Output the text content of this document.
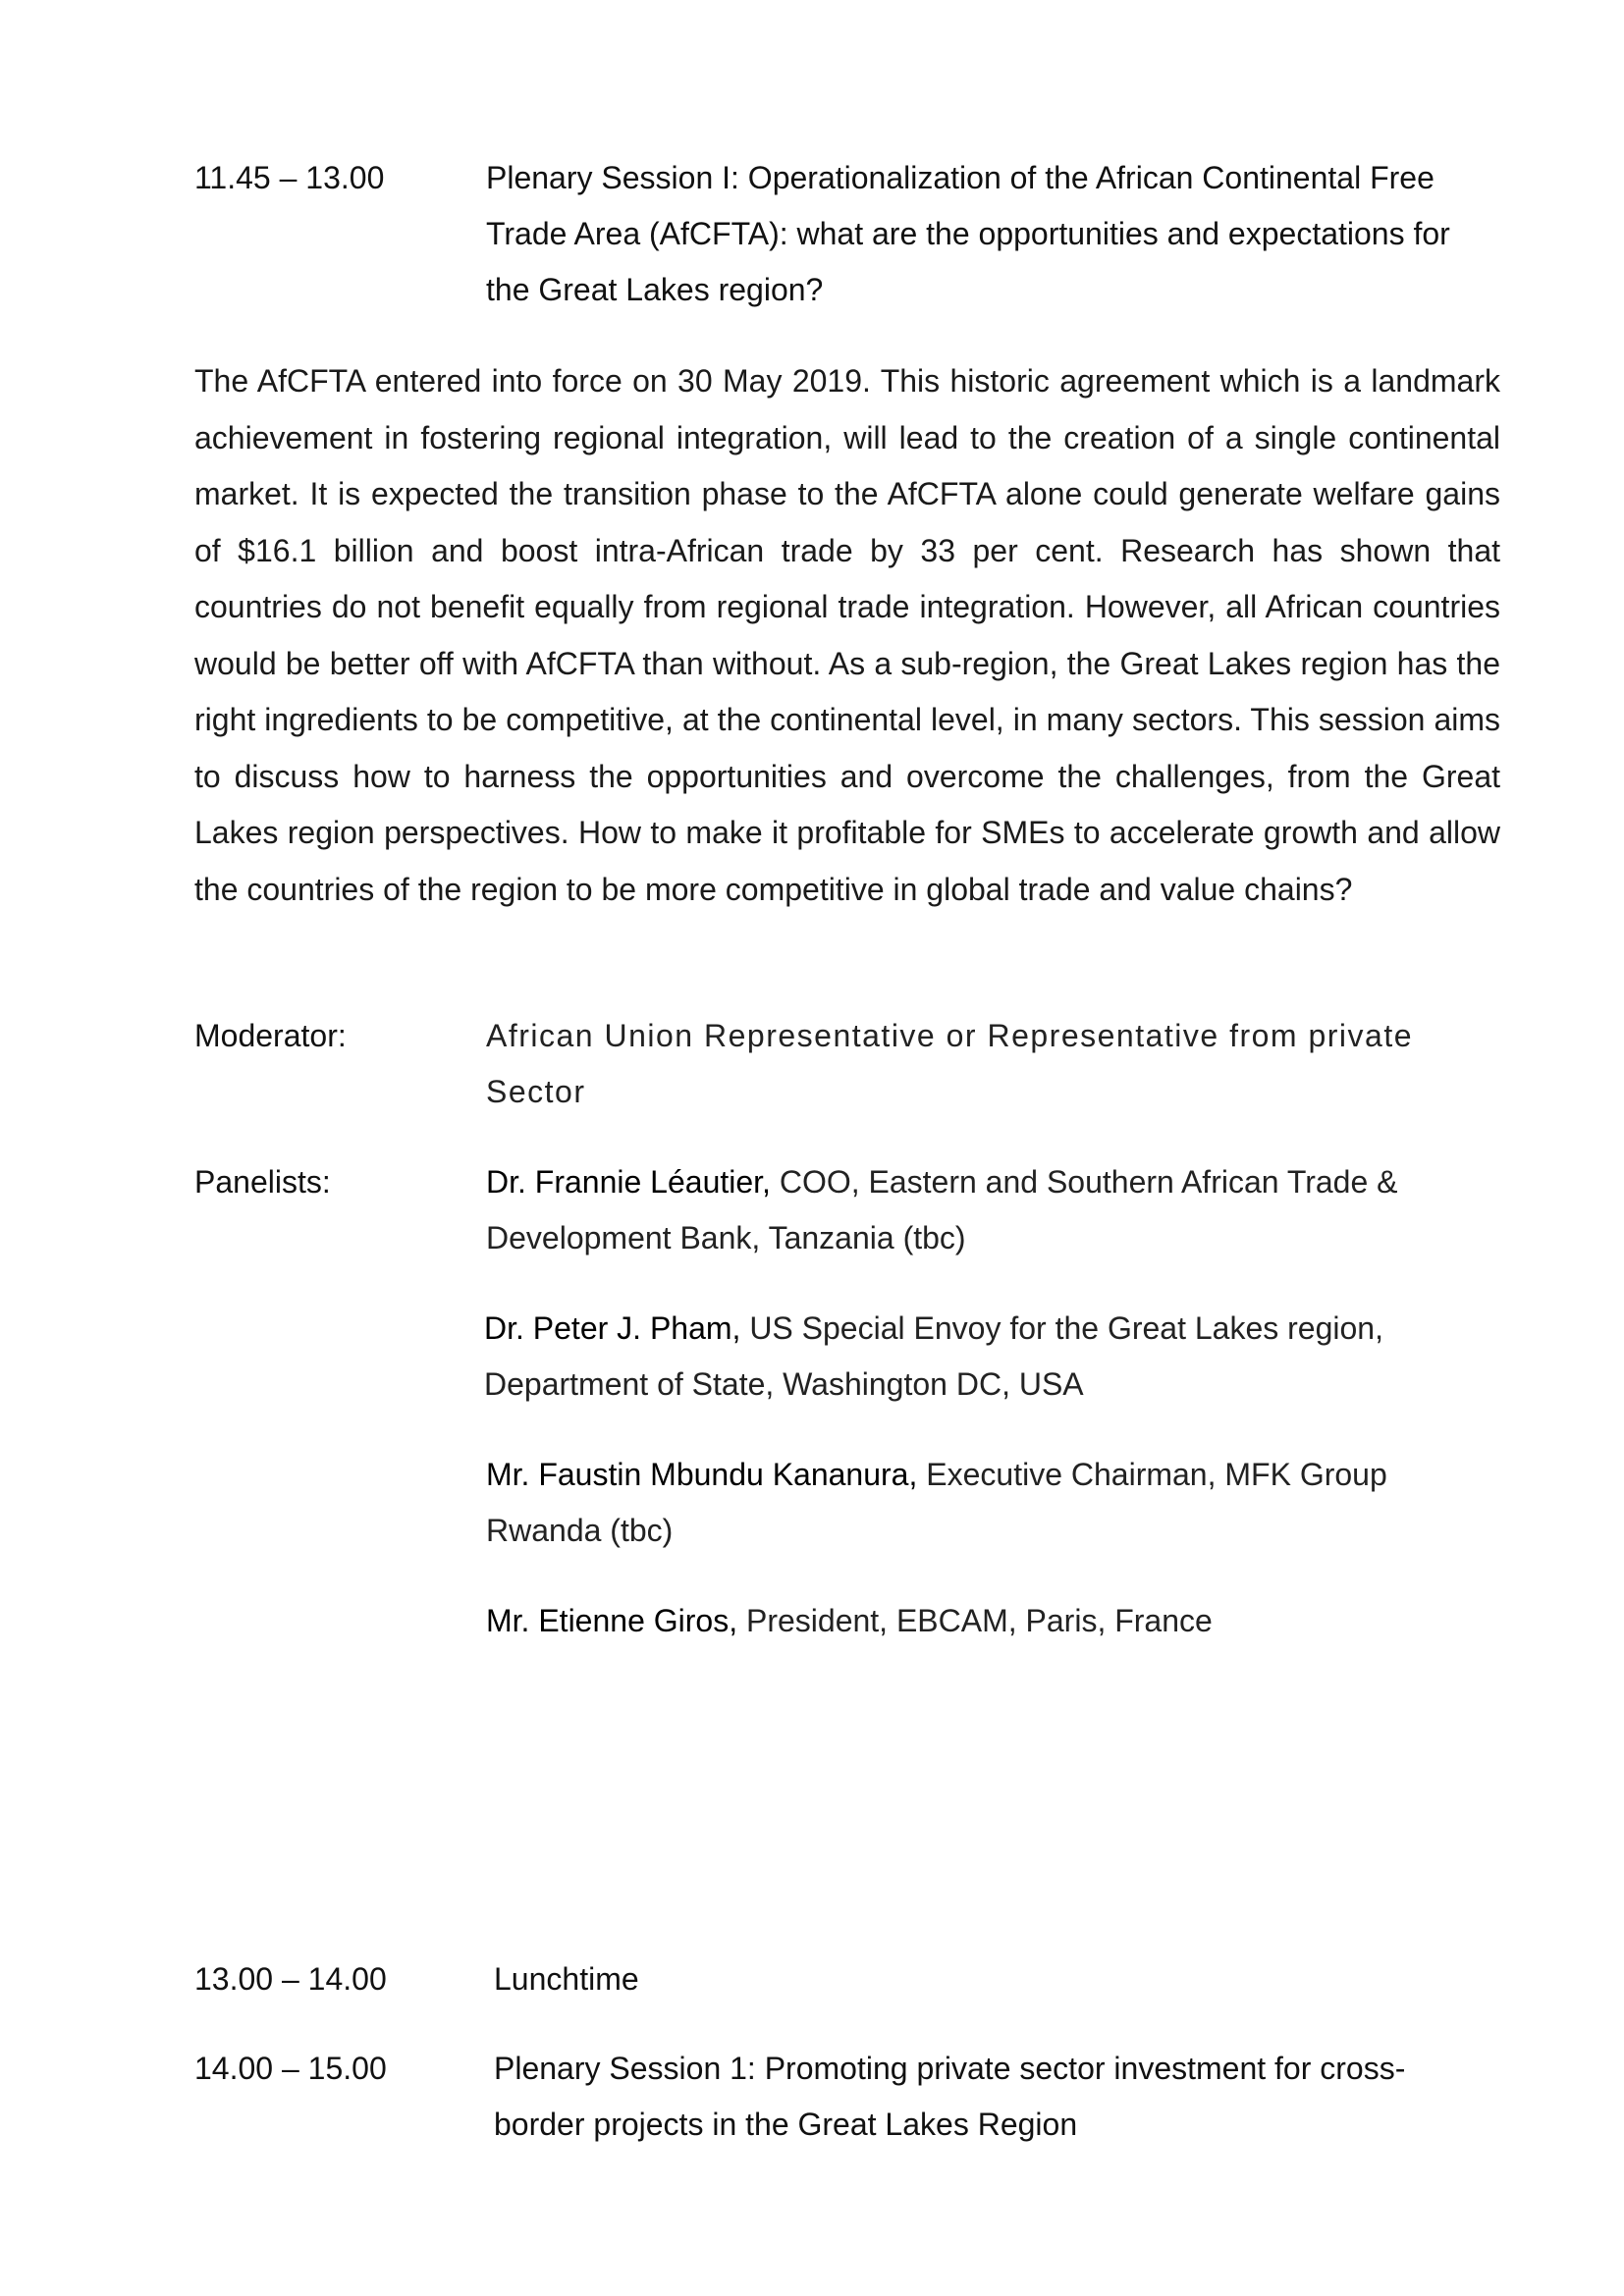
11.45 – 13.00	Plenary Session I: Operationalization of the African Continental Free Trade Area (AfCFTA): what are the opportunities and expectations for the Great Lakes region?
The AfCFTA entered into force on 30 May 2019. This historic agreement which is a landmark achievement in fostering regional integration, will lead to the creation of a single continental market. It is expected the transition phase to the AfCFTA alone could generate welfare gains of $16.1 billion and boost intra-African trade by 33 per cent. Research has shown that countries do not benefit equally from regional trade integration. However, all African countries would be better off with AfCFTA than without. As a sub-region, the Great Lakes region has the right ingredients to be competitive, at the continental level, in many sectors. This session aims to discuss how to harness the opportunities and overcome the challenges, from the Great Lakes region perspectives. How to make it profitable for SMEs to accelerate growth and allow the countries of the region to be more competitive in global trade and value chains?
Moderator:	African Union Representative or Representative from private Sector
Panelists:	Dr. Frannie Léautier, COO, Eastern and Southern African Trade & Development Bank, Tanzania (tbc)
Dr. Peter J. Pham, US Special Envoy for the Great Lakes region, Department of State, Washington DC, USA
Mr. Faustin Mbundu Kananura, Executive Chairman, MFK Group Rwanda (tbc)
Mr. Etienne Giros, President, EBCAM, Paris, France
13.00 – 14.00	Lunchtime
14.00 – 15.00	Plenary Session 1: Promoting private sector investment for cross-border projects in the Great Lakes Region
